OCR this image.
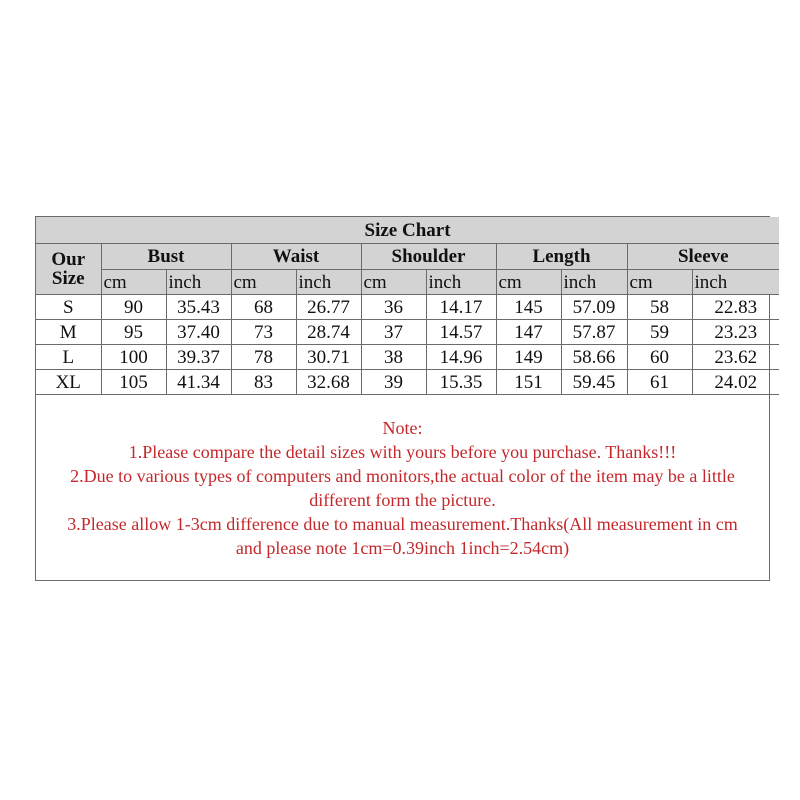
Size Chart										
Our
Size	Bust		Waist		Shoulder		Length		Sleeve	
	cm	inch	cm	inch	cm	inch	cm	inch	cm	inch
S	90	35.43	68	26.77	36	14.17	145	57.09	58	22.83
M	95	37.40	73	28.74	37	14.57	147	57.87	59	23.23
L	100	39.37	78	30.71	38	14.96	149	58.66	60	23.62
XL	105	41.34	83	32.68	39	15.35	151	59.45	61	24.02
Note:
1.Please compare the detail sizes with yours before you purchase. Thanks!!!
2.Due to various types of computers and monitors,the actual color of the item may be a little
different form the picture.
3.Please allow 1-3cm difference due to manual measurement.Thanks(All measurement in cm
and please note 1cm=0.39inch 1inch=2.54cm)
